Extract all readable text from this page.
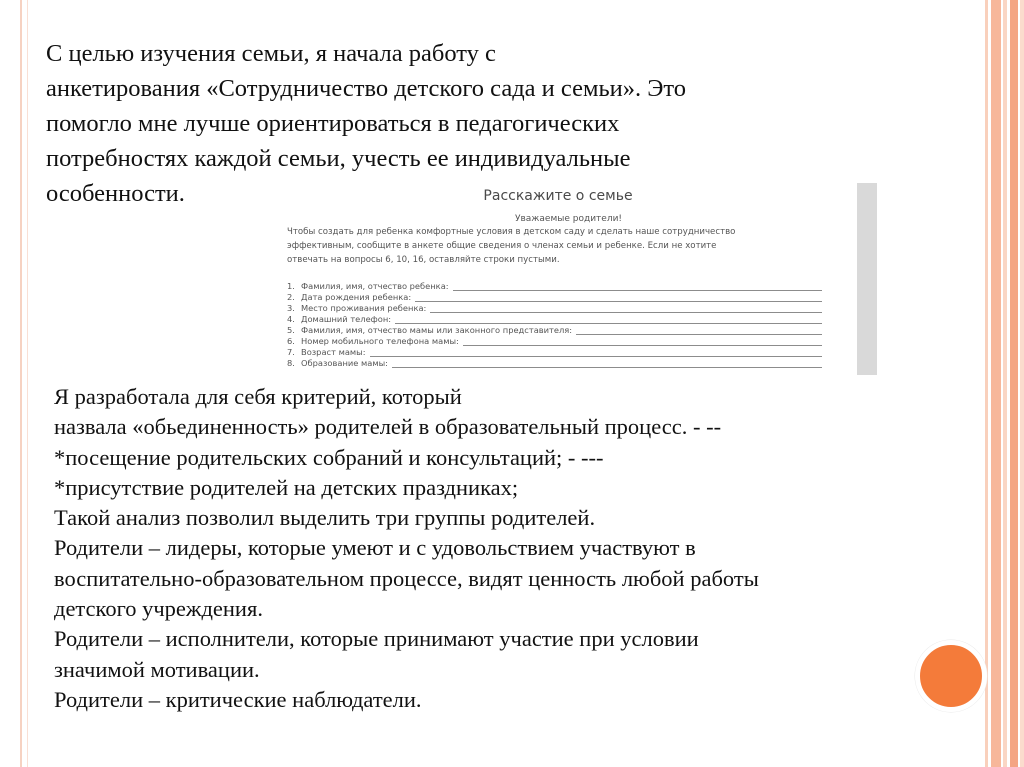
С целью изучения семьи, я начала работу с
анкетирования «Сотрудничество детского сада и семьи». Это
помогло мне лучше ориентироваться в педагогических
потребностях каждой семьи, учесть ее индивидуальные
особенности.	Расскажите о семье

Уважаемые родители!

Чтобы создать для ребенка комфортные условия в детском саду и сделать наше сотрудничество
эффективным, сообщите в анкете общие сведения о членах семьи и ребенке. Если не хотите
отвечать на вопросы 6, 10, 16, оставляйте строки пустыми.

1. Фамилия, имя, отчество ребенка:
2. Дата рождения ребенка:
3. Место проживания ребенка:
4. Домашний телефон:
5. Фамилия, имя, отчество мамы или законного представителя:
6. Номер мобильного телефона мамы:
7. Возраст мамы:
8. Образование мамы:

Я разработала для себя критерий, который
назвала «обьединенность» родителей в образовательный процесс. - --
*посещение родительских собраний и консультаций; - ---
*присутствие родителей на детских праздниках;
Такой анализ позволил выделить три группы родителей.
Родители – лидеры, которые умеют и с удовольствием участвуют в
воспитательно-образовательном процессе, видят ценность любой работы
детского учреждения.
Родители – исполнители, которые принимают участие при условии
значимой мотивации.
Родители – критические наблюдатели.
